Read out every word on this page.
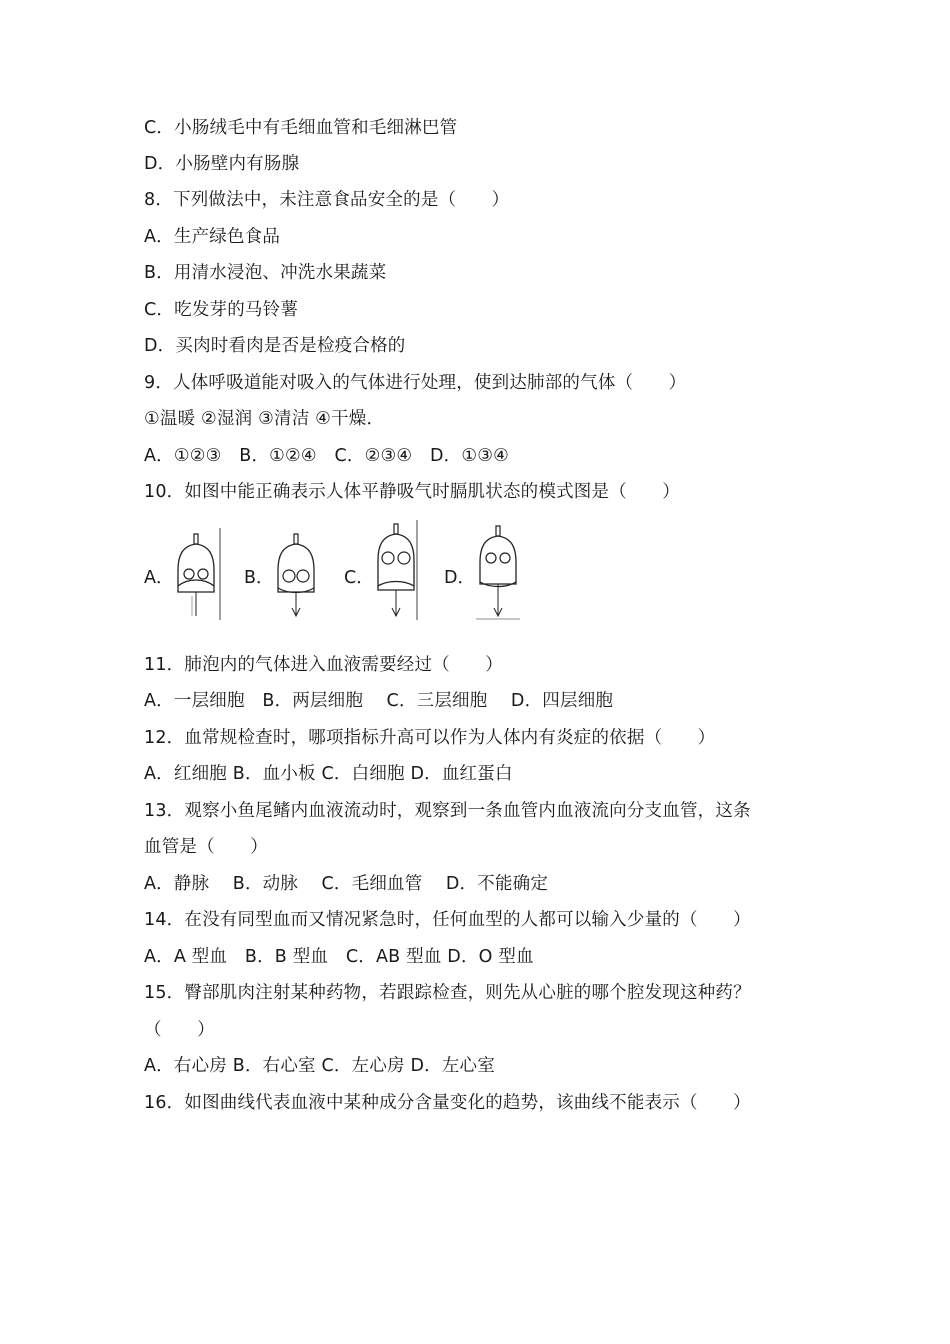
C．小肠绒毛中有毛细血管和毛细淋巴管
D．小肠壁内有肠腺
8．下列做法中，未注意食品安全的是（　　）
A．生产绿色食品
B．用清水浸泡、冲洗水果蔬菜
C．吃发芽的马铃薯
D．买肉时看肉是否是检疫合格的
9．人体呼吸道能对吸入的气体进行处理，使到达肺部的气体（　　）
①温暖 ②湿润 ③清洁 ④干燥．
A．①②③　B．①②④　C．②③④　D．①③④
10．如图中能正确表示人体平静吸气时膈肌状态的模式图是（　　）
A．	B．	C．	D．
11．肺泡内的气体进入血液需要经过（　　）
A．一层细胞　B．两层细胞　 C．三层细胞　 D．四层细胞
12．血常规检查时，哪项指标升高可以作为人体内有炎症的依据（　　）
A．红细胞 B．血小板 C．白细胞 D．血红蛋白
13．观察小鱼尾鳍内血液流动时，观察到一条血管内血液流向分支血管，这条
血管是（　　）
A．静脉　 B．动脉　 C．毛细血管　 D．不能确定
14．在没有同型血而又情况紧急时，任何血型的人都可以输入少量的（　　）
A．A 型血　B．B 型血　C．AB 型血 D．O 型血
15．臀部肌肉注射某种药物，若跟踪检查，则先从心脏的哪个腔发现这种药？
（　　）
A．右心房 B．右心室 C．左心房 D．左心室
16．如图曲线代表血液中某种成分含量变化的趋势，该曲线不能表示（　　）
